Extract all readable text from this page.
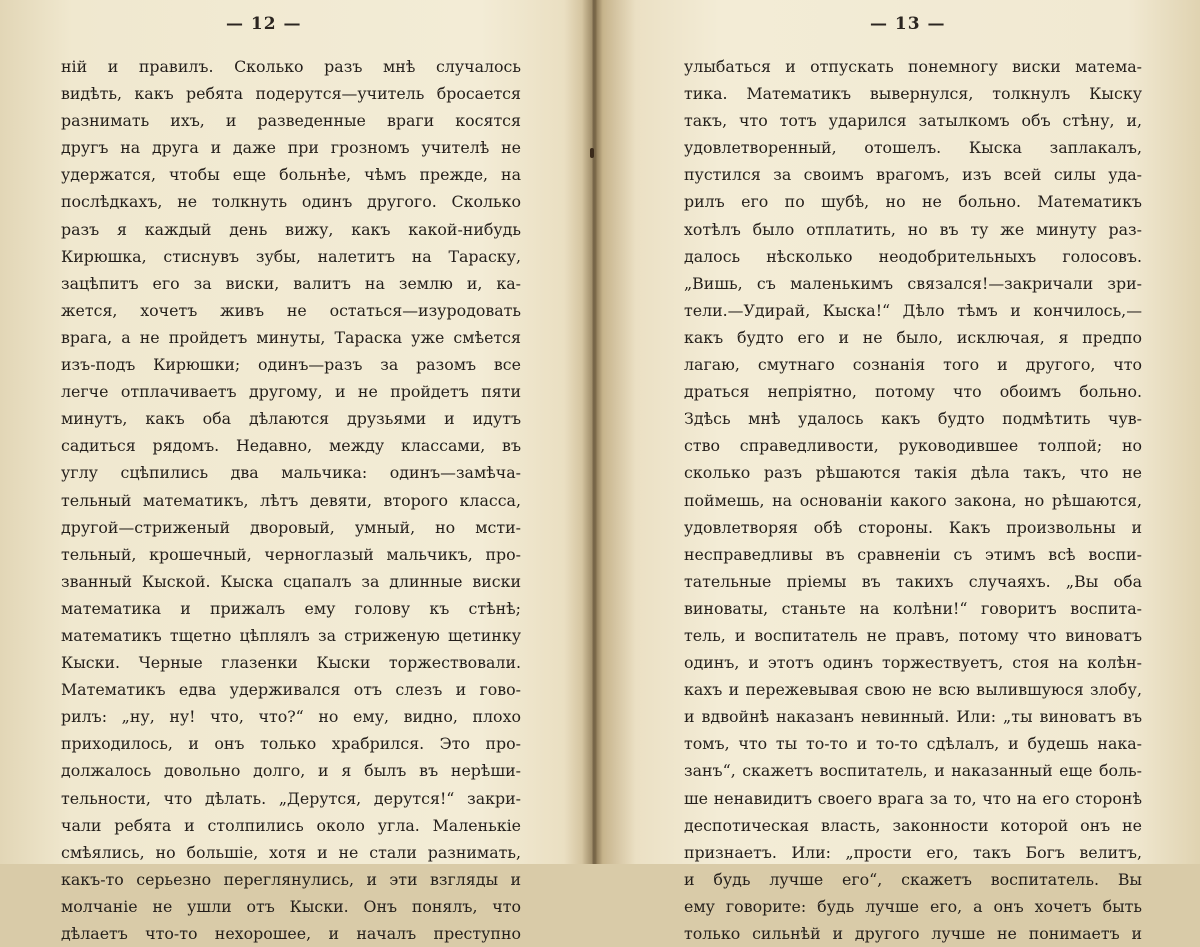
— 12 —
ній и правилъ. Сколько разъ мнѣ случалось
видѣть, какъ ребята подерутся—учитель бросается
разнимать ихъ, и разведенные враги косятся
другъ на друга и даже при грозномъ учителѣ не
удержатся, чтобы еще больнѣе, чѣмъ прежде, на
послѣдкахъ, не толкнуть одинъ другого. Сколько
разъ я каждый день вижу, какъ какой-нибудь
Кирюшка, стиснувъ зубы, налетитъ на Тараску,
зацѣпитъ его за виски, валитъ на землю и, ка-
жется, хочетъ живъ не остаться—изуродовать
врага, а не пройдетъ минуты, Тараска уже смѣется
изъ-подъ Кирюшки; одинъ—разъ за разомъ все
легче отплачиваетъ другому, и не пройдетъ пяти
минутъ, какъ оба дѣлаются друзьями и идутъ
садиться рядомъ. Недавно, между классами, въ
углу сцѣпились два мальчика: одинъ—замѣча-
тельный математикъ, лѣтъ девяти, второго класса,
другой—стриженый дворовый, умный, но мсти-
тельный, крошечный, черноглазый мальчикъ, про-
званный Кыской. Кыска сцапалъ за длинные виски
математика и прижалъ ему голову къ стѣнѣ;
математикъ тщетно цѣплялъ за стриженую щетинку
Кыски. Черные глазенки Кыски торжествовали.
Математикъ едва удерживался отъ слезъ и гово-
рилъ: „ну, ну! что, что?“ но ему, видно, плохо
приходилось, и онъ только храбрился. Это про-
должалось довольно долго, и я былъ въ нерѣши-
тельности, что дѣлать. „Дерутся, дерутся!“ закри-
чали ребята и столпились около угла. Маленькіе
смѣялись, но большіе, хотя и не стали разнимать,
какъ-то серьезно переглянулись, и эти взгляды и
молчаніе не ушли отъ Кыски. Онъ понялъ, что
дѣлаетъ что-то нехорошее, и началъ преступно
— 13 —
улыбаться и отпускать понемногу виски матема-
тика. Математикъ вывернулся, толкнулъ Кыску
такъ, что тотъ ударился затылкомъ объ стѣну, и,
удовлетворенный, отошелъ. Кыска заплакалъ,
пустился за своимъ врагомъ, изъ всей силы уда-
рилъ его по шубѣ, но не больно. Математикъ
хотѣлъ было отплатить, но въ ту же минуту раз-
далось нѣсколько неодобрительныхъ голосовъ.
„Вишь, съ маленькимъ связался!—закричали зри-
тели.—Удирай, Кыска!“ Дѣло тѣмъ и кончилось,—
какъ будто его и не было, исключая, я предпо
лагаю, смутнаго сознанія того и другого, что
драться непріятно, потому что обоимъ больно.
Здѣсь мнѣ удалось какъ будто подмѣтить чув-
ство справедливости, руководившее толпой; но
сколько разъ рѣшаются такія дѣла такъ, что не
поймешь, на основаніи какого закона, но рѣшаются,
удовлетворяя обѣ стороны. Какъ произвольны и
несправедливы въ сравненіи съ этимъ всѣ воспи-
тательные пріемы въ такихъ случаяхъ. „Вы оба
виноваты, станьте на колѣни!“ говоритъ воспита-
тель, и воспитатель не правъ, потому что виноватъ
одинъ, и этотъ одинъ торжествуетъ, стоя на колѣн-
кахъ и пережевывая свою не всю вылившуюся злобу,
и вдвойнѣ наказанъ невинный. Или: „ты виноватъ въ
томъ, что ты то-то и то-то сдѣлалъ, и будешь нака-
занъ“, скажетъ воспитатель, и наказанный еще боль-
ше ненавидитъ своего врага за то, что на его сторонѣ
деспотическая власть, законности которой онъ не
признаетъ. Или: „прости его, такъ Богъ велитъ,
и будь лучше его“, скажетъ воспитатель. Вы
ему говорите: будь лучше его, а онъ хочетъ быть
только сильнѣй и другого лучше не понимаетъ и
